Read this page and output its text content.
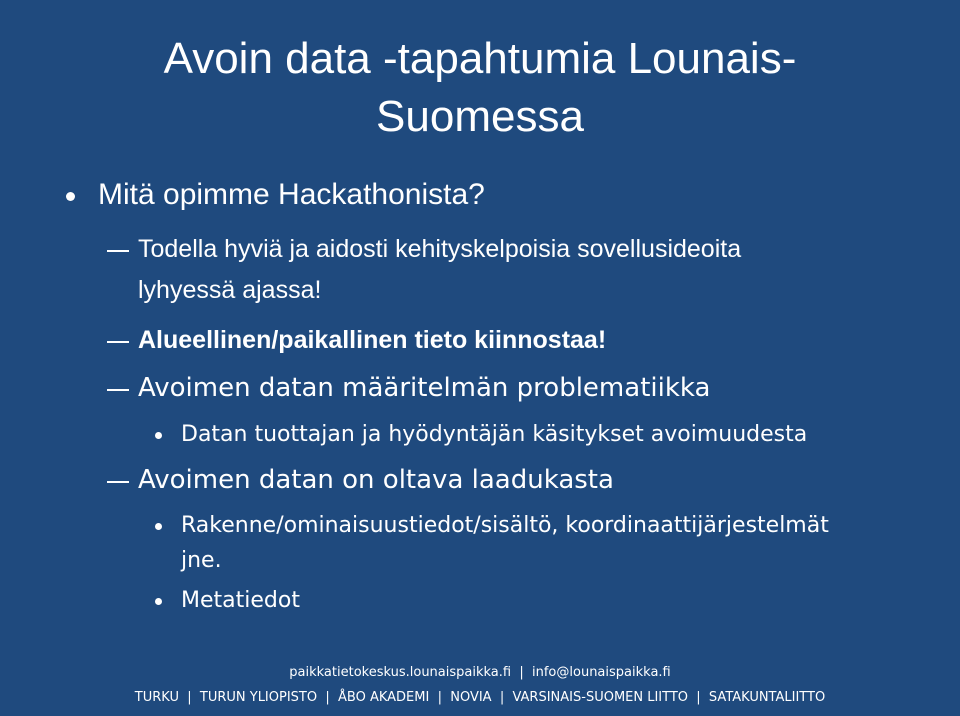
Avoin data -tapahtumia Lounais-
Suomessa
Mitä opimme Hackathonista?
Todella hyviä ja aidosti kehityskelpoisia sovellusideoita
lyhyessä ajassa!
Alueellinen/paikallinen tieto kiinnostaa!
Avoimen datan määritelmän problematiikka
Datan tuottajan ja hyödyntäjän käsitykset avoimuudesta
Avoimen datan on oltava laadukasta
Rakenne/ominaisuustiedot/sisältö, koordinaattijärjestelmät
jne.
Metatiedot
paikkatietokeskus.lounaispaikka.fi  |  info@lounaispaikka.fi
TURKU  |  TURUN YLIOPISTO  |  ÅBO AKADEMI  |  NOVIA  |  VARSINAIS-SUOMEN LIITTO  |  SATAKUNTALIITTO
